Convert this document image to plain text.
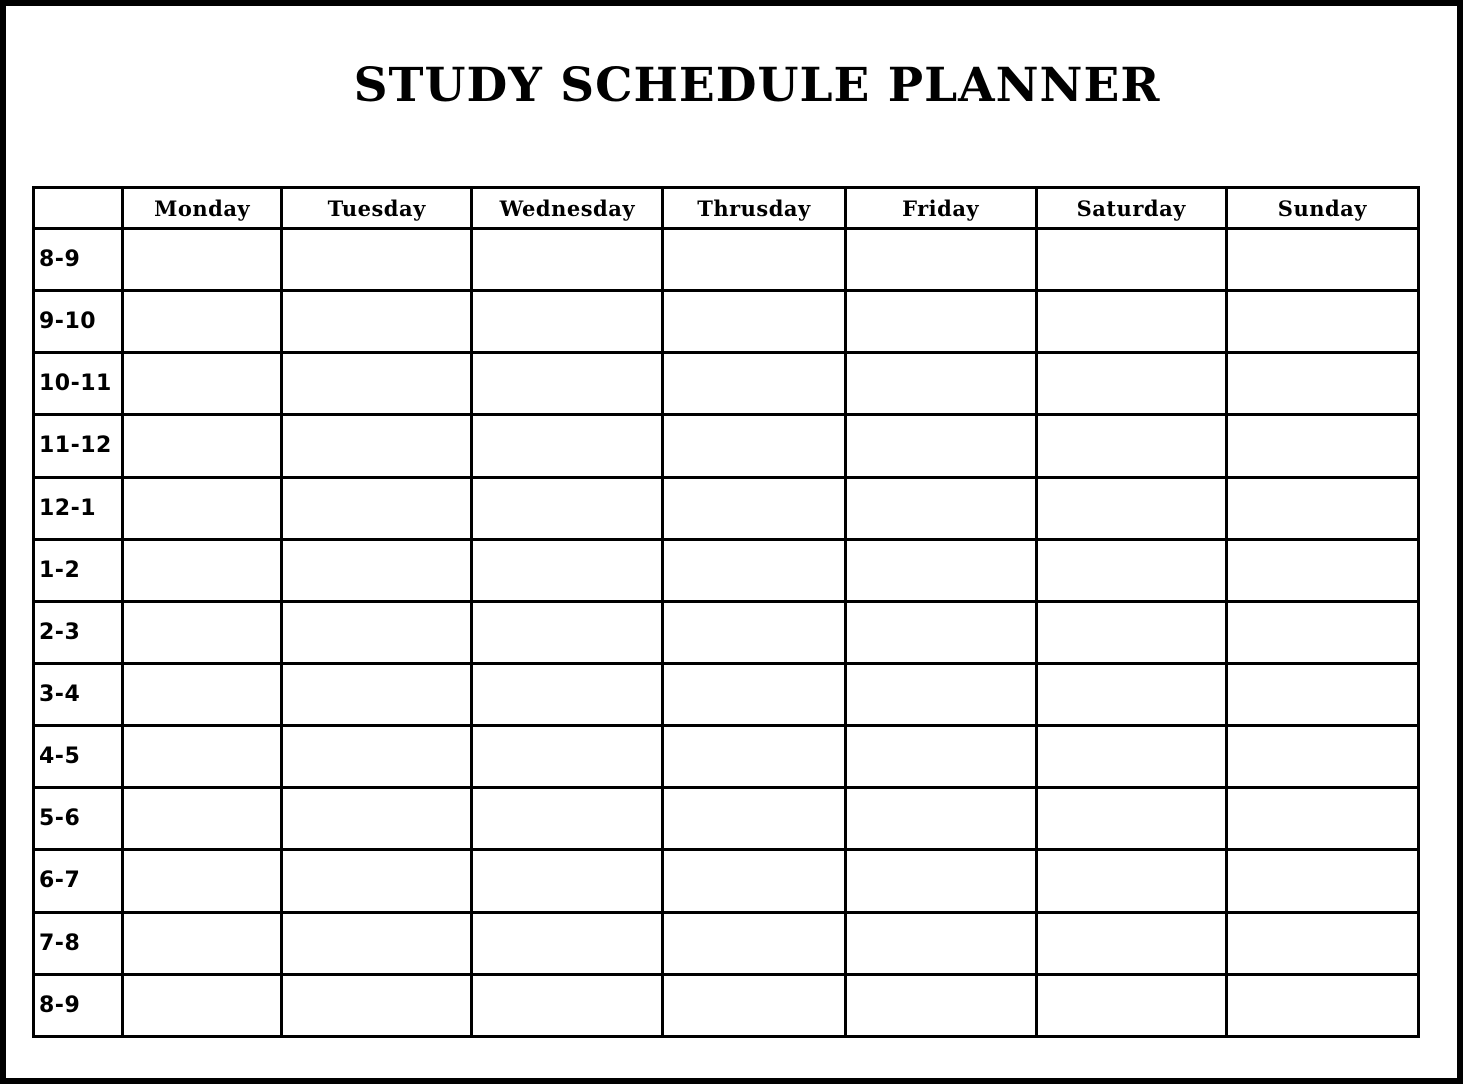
STUDY SCHEDULE PLANNER
	Monday	Tuesday	Wednesday	Thrusday	Friday	Saturday	Sunday
8-9							
9-10							
10-11							
11-12							
12-1							
1-2							
2-3							
3-4							
4-5							
5-6							
6-7							
7-8							
8-9							
